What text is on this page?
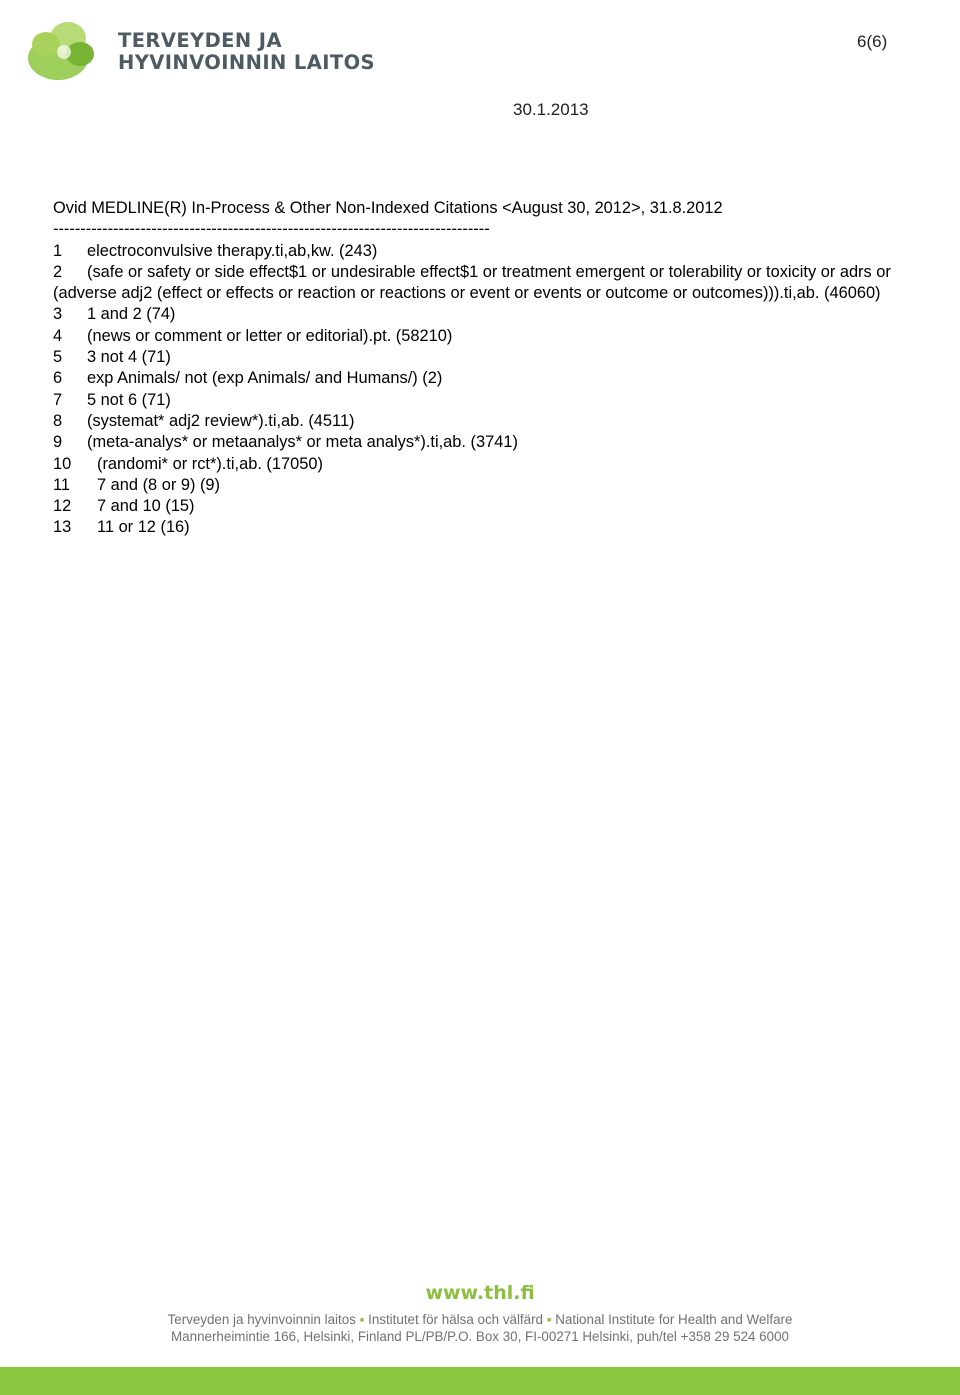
TERVEYDEN JA
HYVINVOINNIN LAITOS
6(6)
30.1.2013

Ovid MEDLINE(R) In-Process & Other Non-Indexed Citations <August 30, 2012>, 31.8.2012

--------------------------------------------------------------------------------

1	electroconvulsive therapy.ti,ab,kw. (243)
2 (safe or safety or side effect$1 or undesirable effect$1 or treatment emergent or tolerability or toxicity or adrs or (adverse adj2 (effect or effects or reaction or reactions or event or events or outcome or outcomes))).ti,ab. (46060)
3	1 and 2 (74)
4	(news or comment or letter or editorial).pt. (58210)
5	3 not 4 (71)
6	exp Animals/ not (exp Animals/ and Humans/) (2)
7	5 not 6 (71)
8	(systemat* adj2 review*).ti,ab. (4511)
9	(meta-analys* or metaanalys* or meta analys*).ti,ab. (3741)
10	(randomi* or rct*).ti,ab. (17050)
11	7 and (8 or 9) (9)
12	7 and 10 (15)
13	11 or 12 (16)
www.thl.fi
Terveyden ja hyvinvoinnin laitos ▪ Institutet för hälsa och välfärd ▪ National Institute for Health and Welfare
Mannerheimintie 166, Helsinki, Finland PL/PB/P.O. Box 30, FI-00271 Helsinki, puh/tel +358 29 524 6000
